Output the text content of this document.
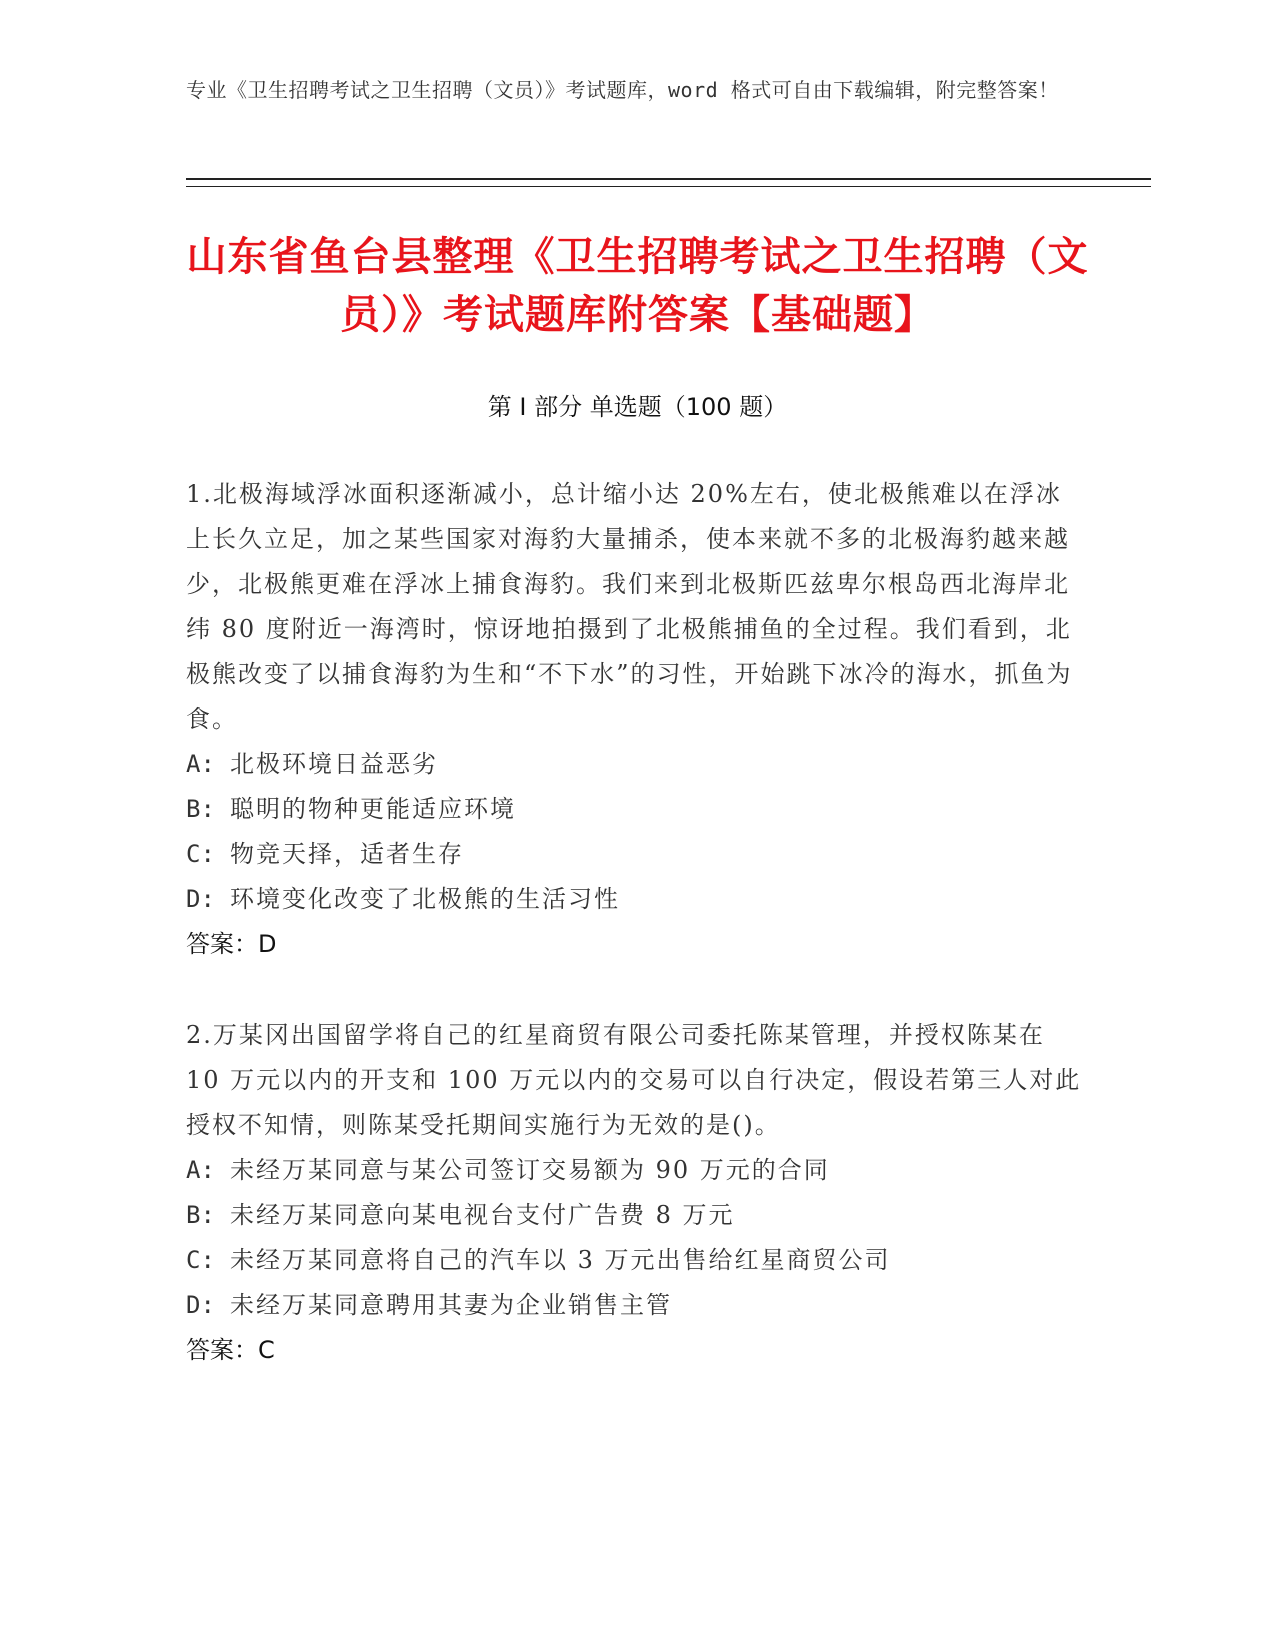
专业《卫生招聘考试之卫生招聘（文员）》考试题库，word 格式可自由下载编辑，附完整答案！
山东省鱼台县整理《卫生招聘考试之卫生招聘（文员）》考试题库附答案【基础题】
第 I 部分 单选题（100 题）

1.北极海域浮冰面积逐渐减小，总计缩小达 20%左右，使北极熊难以在浮冰上长久立足，加之某些国家对海豹大量捕杀，使本来就不多的北极海豹越来越少，北极熊更难在浮冰上捕食海豹。我们来到北极斯匹兹卑尔根岛西北海岸北纬 80 度附近一海湾时，惊讶地拍摄到了北极熊捕鱼的全过程。我们看到，北极熊改变了以捕食海豹为生和“不下水”的习性，开始跳下冰冷的海水，抓鱼为食。

A: 北极环境日益恶劣
B: 聪明的物种更能适应环境
C: 物竞天择，适者生存
D: 环境变化改变了北极熊的生活习性

答案：D

2.万某冈出国留学将自己的红星商贸有限公司委托陈某管理，并授权陈某在 10 万元以内的开支和 100 万元以内的交易可以自行决定，假设若第三人对此授权不知情，则陈某受托期间实施行为无效的是()。

A: 未经万某同意与某公司签订交易额为 90 万元的合同
B: 未经万某同意向某电视台支付广告费 8 万元
C: 未经万某同意将自己的汽车以 3 万元出售给红星商贸公司
D: 未经万某同意聘用其妻为企业销售主管

答案：C
